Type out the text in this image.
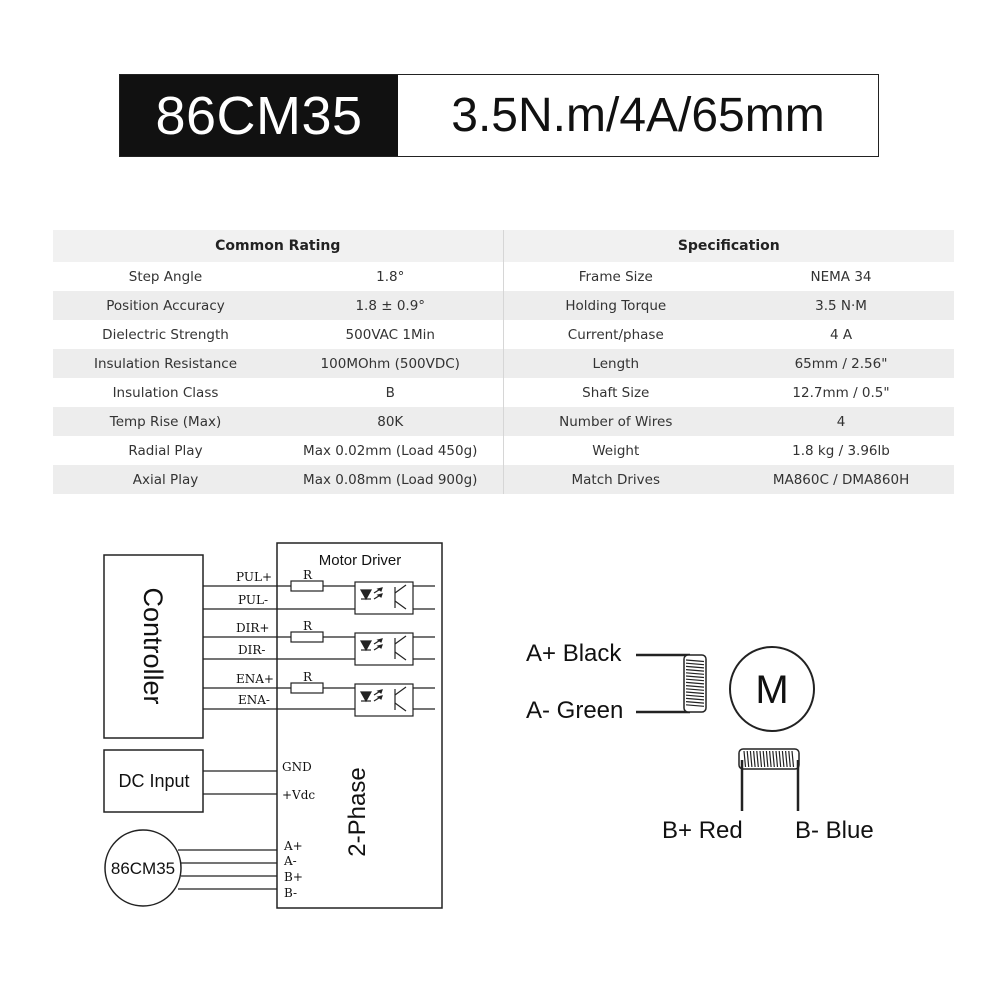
86CM35	3.5N.m/4A/65mm
Common Rating		Specification	
Step Angle	1.8°	Frame Size	NEMA 34
Position Accuracy	1.8 ± 0.9°	Holding Torque	3.5 N·M
Dielectric Strength	500VAC 1Min	Current/phase	4 A
Insulation Resistance	100MOhm (500VDC)	Length	65mm / 2.56"
Insulation Class	B	Shaft Size	12.7mm / 0.5"
Temp Rise (Max)	80K	Number of Wires	4
Radial Play	Max 0.02mm (Load 450g)	Weight	1.8 kg / 3.96lb
Axial Play	Max 0.08mm (Load 900g)	Match Drives	MA860C / DMA860H
Controller
Motor Driver
2-Phase
R
R
R
PUL+
PUL-
DIR+
DIR-
ENA+
ENA-
DC Input
GND
+Vdc
86CM35
A+
A-
B+
B-
A+ Black
A- Green	M
B+ Red B- Blue
